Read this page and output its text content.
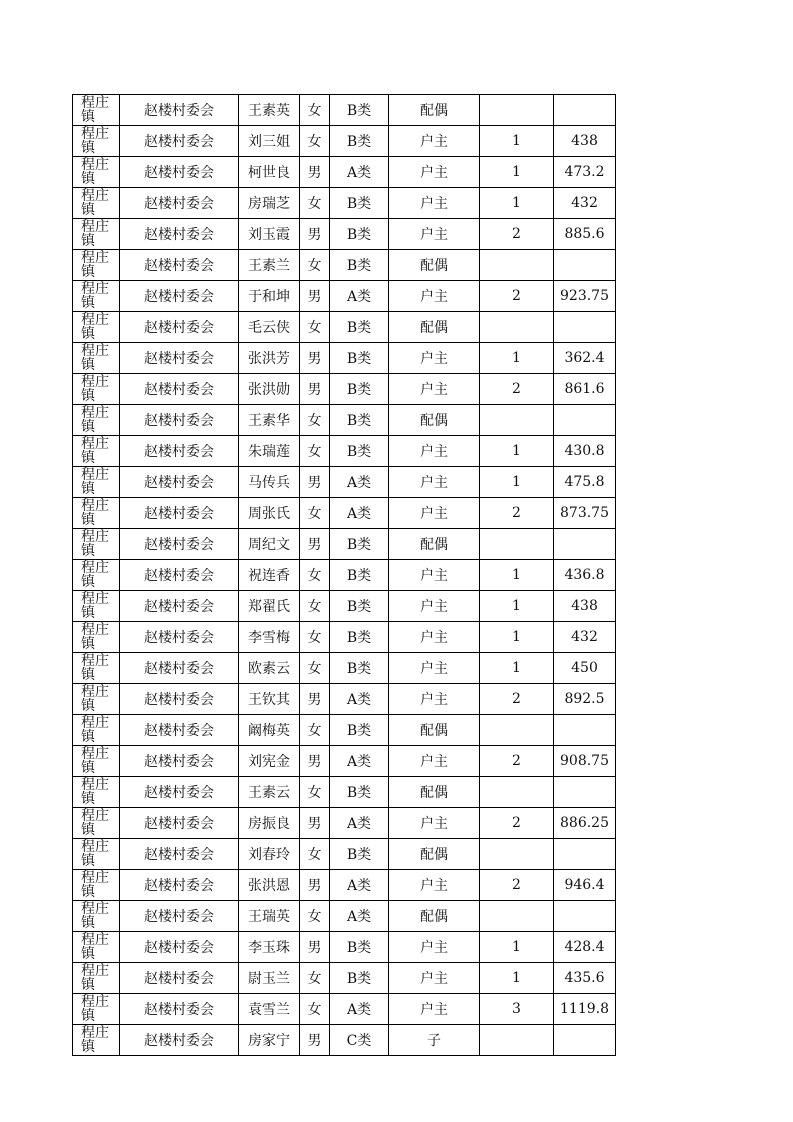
程庄镇	赵楼村委会	王素英	女	B类	配偶		

程庄镇	赵楼村委会	刘三姐	女	B类	户主	1	438

程庄镇	赵楼村委会	柯世良	男	A类	户主	1	473.2

程庄镇	赵楼村委会	房瑞芝	女	B类	户主	1	432

程庄镇	赵楼村委会	刘玉霞	男	B类	户主	2	885.6

程庄镇	赵楼村委会	王素兰	女	B类	配偶		

程庄镇	赵楼村委会	于和坤	男	A类	户主	2	923.75

程庄镇	赵楼村委会	毛云侠	女	B类	配偶		

程庄镇	赵楼村委会	张洪芳	男	B类	户主	1	362.4

程庄镇	赵楼村委会	张洪勋	男	B类	户主	2	861.6

程庄镇	赵楼村委会	王素华	女	B类	配偶		

程庄镇	赵楼村委会	朱瑞莲	女	B类	户主	1	430.8

程庄镇	赵楼村委会	马传兵	男	A类	户主	1	475.8

程庄镇	赵楼村委会	周张氏	女	A类	户主	2	873.75

程庄镇	赵楼村委会	周纪文	男	B类	配偶		

程庄镇	赵楼村委会	祝连香	女	B类	户主	1	436.8

程庄镇	赵楼村委会	郑翟氏	女	B类	户主	1	438

程庄镇	赵楼村委会	李雪梅	女	B类	户主	1	432

程庄镇	赵楼村委会	欧素云	女	B类	户主	1	450

程庄镇	赵楼村委会	王钦其	男	A类	户主	2	892.5

程庄镇	赵楼村委会	阚梅英	女	B类	配偶		

程庄镇	赵楼村委会	刘宪金	男	A类	户主	2	908.75

程庄镇	赵楼村委会	王素云	女	B类	配偶		

程庄镇	赵楼村委会	房振良	男	A类	户主	2	886.25

程庄镇	赵楼村委会	刘春玲	女	B类	配偶		

程庄镇	赵楼村委会	张洪恩	男	A类	户主	2	946.4

程庄镇	赵楼村委会	王瑞英	女	A类	配偶		

程庄镇	赵楼村委会	李玉珠	男	B类	户主	1	428.4

程庄镇	赵楼村委会	尉玉兰	女	B类	户主	1	435.6

程庄镇	赵楼村委会	袁雪兰	女	A类	户主	3	1119.8

程庄镇	赵楼村委会	房家宁	男	C类	子		
